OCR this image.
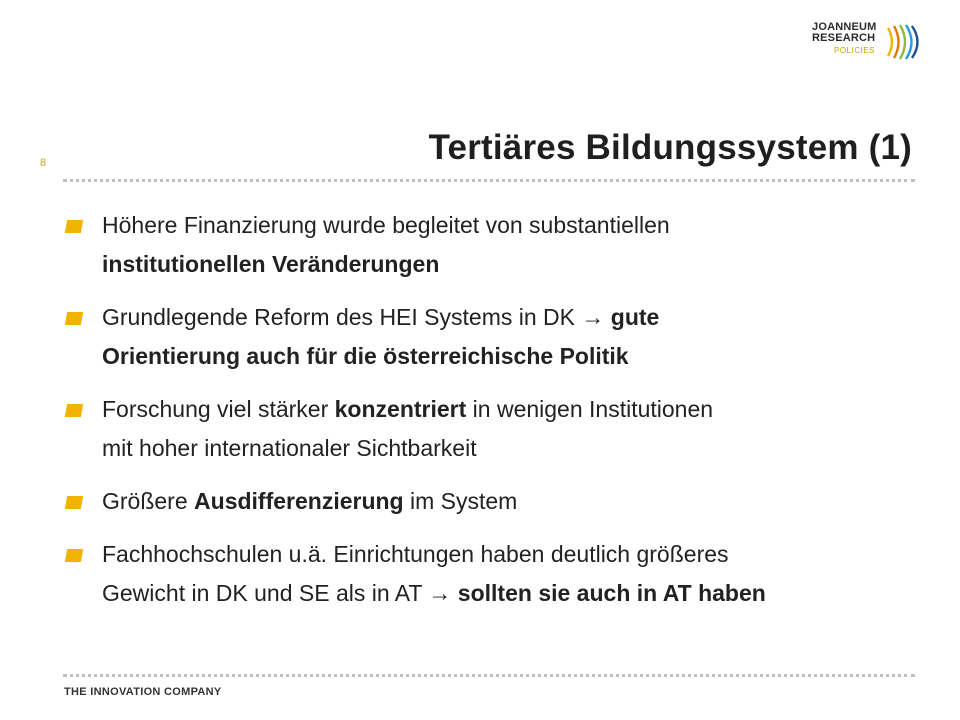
JOANNEUM
RESEARCH
POLICIES
8	Tertiäres Bildungssystem (1)
Höhere Finanzierung wurde begleitet von substantiellen
institutionellen Veränderungen
Grundlegende Reform des HEI Systems in DK → gute
Orientierung auch für die österreichische Politik
Forschung viel stärker konzentriert in wenigen Institutionen
mit hoher internationaler Sichtbarkeit
Größere Ausdifferenzierung im System
Fachhochschulen u.ä. Einrichtungen haben deutlich größeres
Gewicht in DK und SE als in AT → sollten sie auch in AT haben
THE INNOVATION COMPANY
